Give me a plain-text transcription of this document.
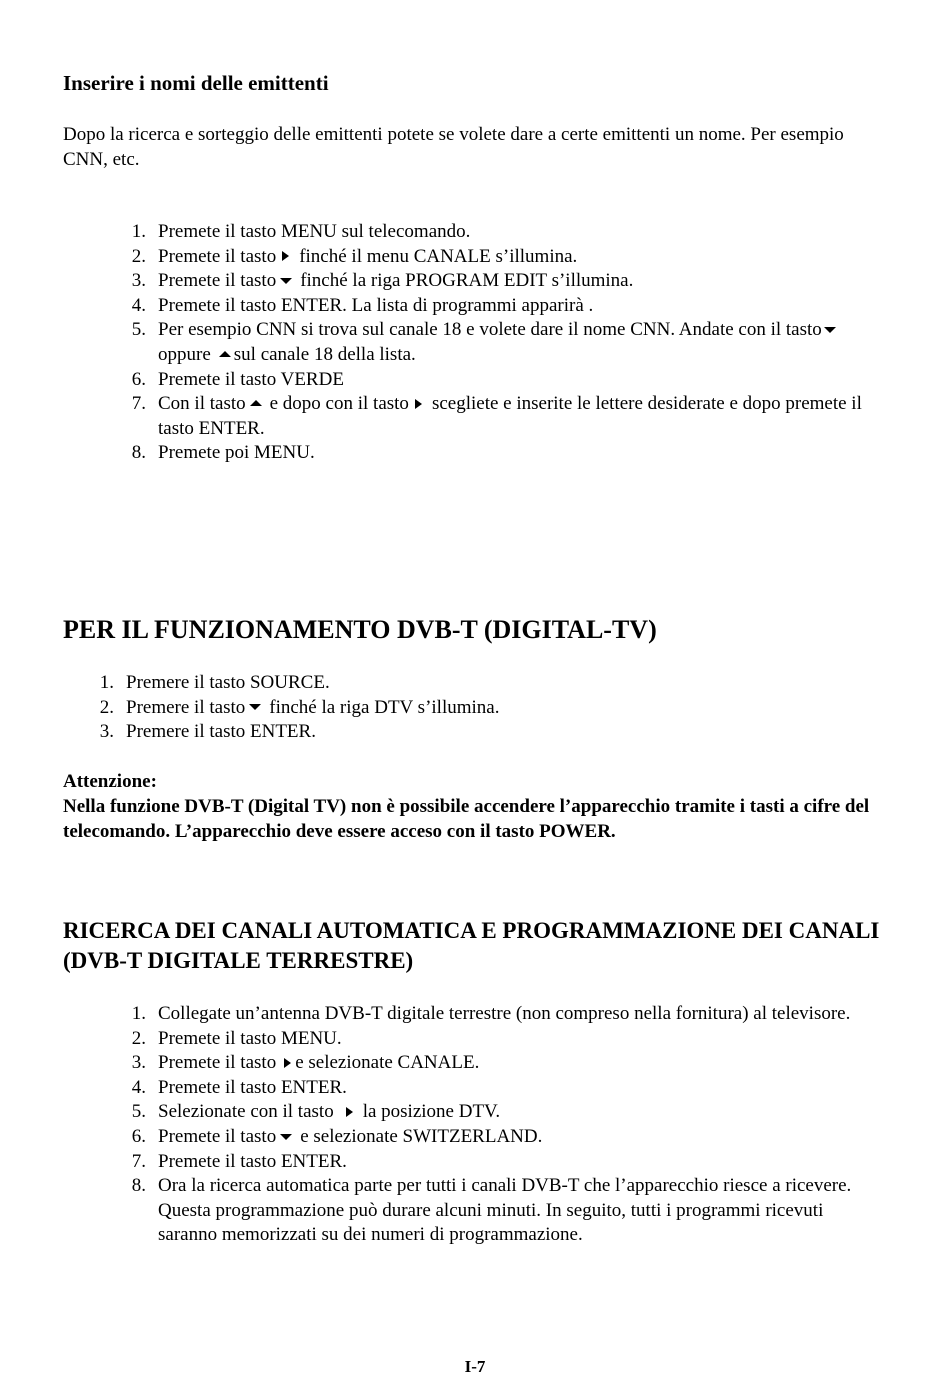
Inserire i nomi delle emittenti

Dopo la ricerca e sorteggio delle emittenti potete se volete dare a certe emittenti un nome. Per esempio CNN, etc.

1. Premete il tasto MENU sul telecomando.
2. Premete il tasto finché il menu CANALE s’illumina.
3. Premete il tasto finché la riga PROGRAM EDIT s’illumina.
4. Premete il tasto ENTER. La lista di programmi apparirà .
5. Per esempio CNN si trova sul canale 18 e volete dare il nome CNN. Andate con il tastooppure sul canale 18 della lista.
6. Premete il tasto VERDE
7. Con il tasto e dopo con il tasto scegliete e inserite le lettere desiderate e dopo premete il tasto ENTER.
8. Premete poi MENU.
PER IL FUNZIONAMENTO DVB-T (DIGITAL-TV)
1. Premere il tasto SOURCE.
2. Premere il tasto finché la riga DTV s’illumina.
3. Premere il tasto ENTER.

Attenzione:

Nella funzione DVB-T (Digital TV) non è possibile accendere l’apparecchio tramite i tasti a cifre del telecomando. L’apparecchio deve essere acceso con il tasto POWER.

RICERCA DEI CANALI AUTOMATICA E PROGRAMMAZIONE DEI CANALI (DVB-T DIGITALE TERRESTRE)
1. Collegate un’antenna DVB-T digitale terrestre (non compreso nella fornitura) al televisore.
2. Premete il tasto MENU.
3. Premete il tasto e selezionate CANALE.
4. Premete il tasto ENTER.
5. Selezionate con il tasto la posizione DTV.
6. Premete il tasto e selezionate SWITZERLAND.
7. Premete il tasto ENTER.
8. Ora la ricerca automatica parte per tutti i canali DVB-T che l’apparecchio riesce a ricevere. Questa programmazione può durare alcuni minuti. In seguito, tutti i programmi ricevuti saranno memorizzati su dei numeri di programmazione.
I-7
